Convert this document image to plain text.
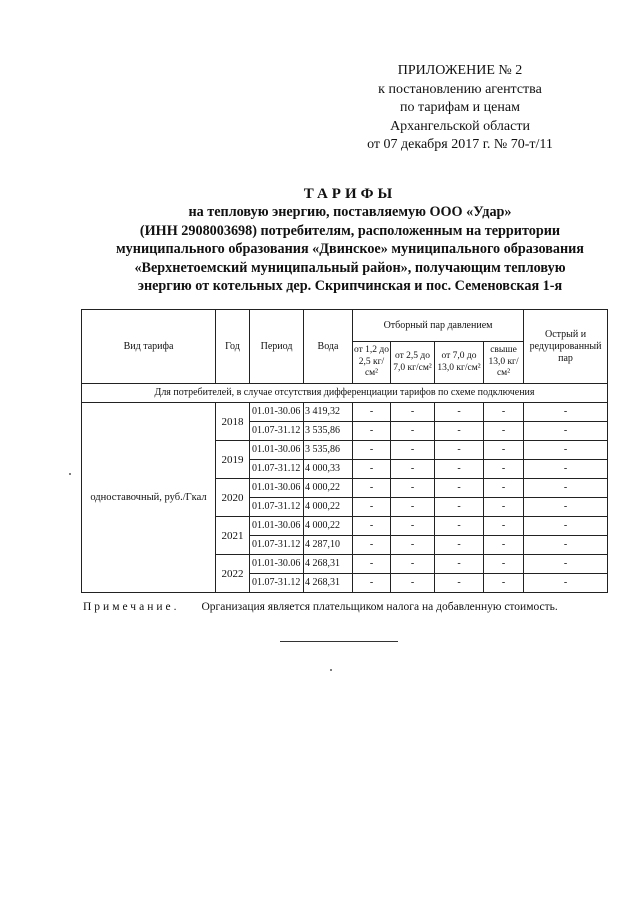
ПРИЛОЖЕНИЕ № 2
к постановлению агентства
по тарифам и ценам
Архангельской области
от 07 декабря 2017 г. № 70-т/11
ТАРИФЫ
на тепловую энергию, поставляемую ООО «Удар»
(ИНН 2908003698) потребителям, расположенным на территории
муниципального образования «Двинское» муниципального образования
«Верхнетоемский муниципальный район», получающим тепловую
энергию от котельных дер. Скрипчинская и пос. Семеновская 1-я
Вид тарифа	Год	Период	Вода	Отборный пар давлением				Острый и редуцированный пар
				от 1,2 до 2,5 кг/см²	от 2,5 до 7,0 кг/см²	от 7,0 до 13,0 кг/см²	свыше 13,0 кг/см²	
Для потребителей, в случае отсутствия дифференциации тарифов по схеме подключения								
одноставочный, руб./Гкал	2018	01.01-30.06	3 419,32	-	-	-	-	-
		01.07-31.12	3 535,86	-	-	-	-	-
	2019	01.01-30.06	3 535,86	-	-	-	-	-
		01.07-31.12	4 000,33	-	-	-	-	-
	2020	01.01-30.06	4 000,22	-	-	-	-	-
		01.07-31.12	4 000,22	-	-	-	-	-
	2021	01.01-30.06	4 000,22	-	-	-	-	-
		01.07-31.12	4 287,10	-	-	-	-	-
	2022	01.01-30.06	4 268,31	-	-	-	-	-
		01.07-31.12	4 268,31	-	-	-	-	-
Примечание. Организация является плательщиком налога на добавленную стоимость.
